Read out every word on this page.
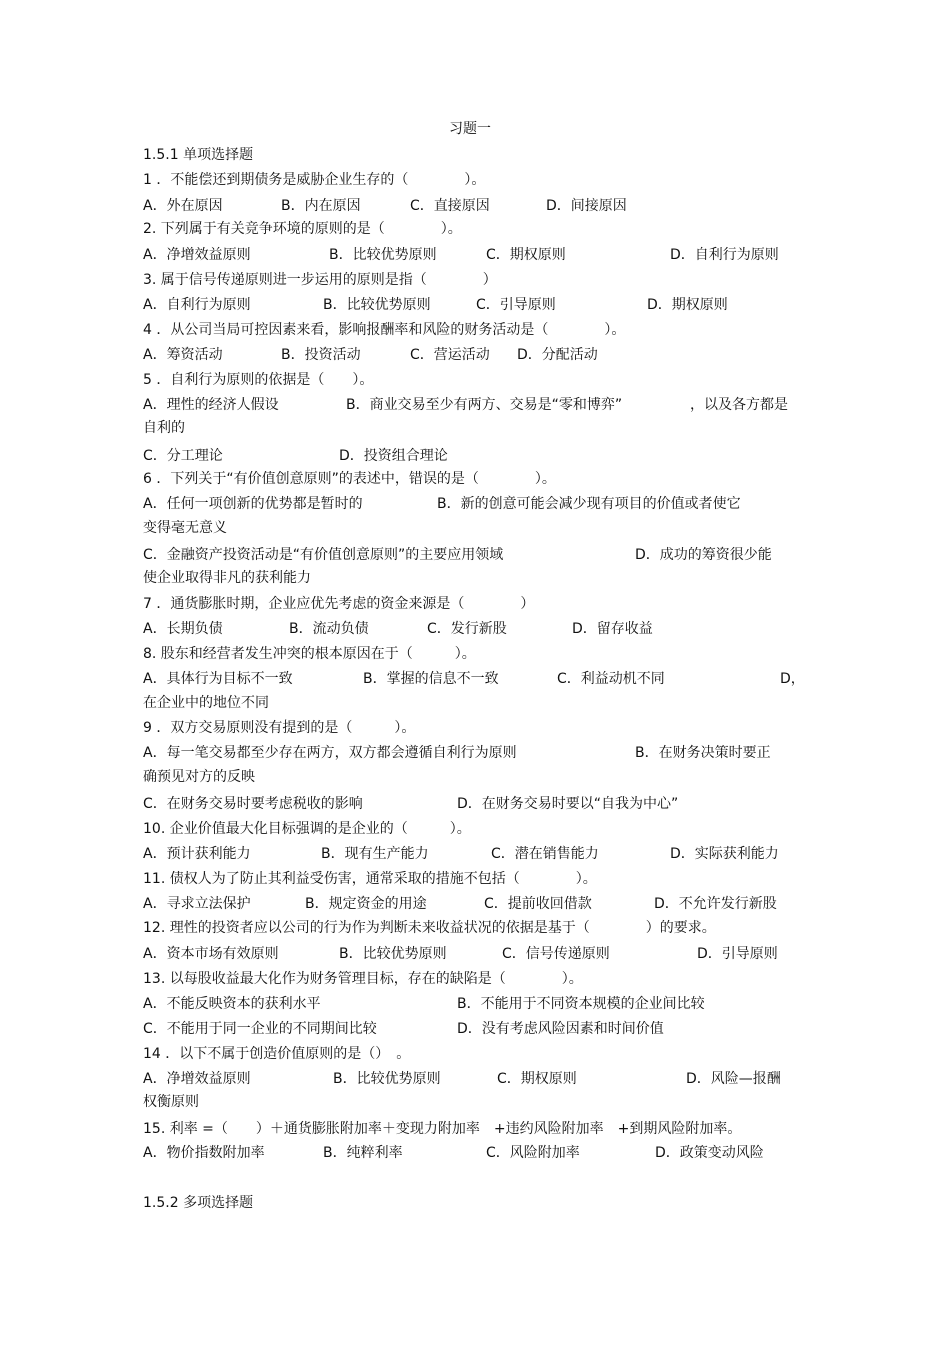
习题一
1.5.1 单项选择题
1 ．不能偿还到期债务是威胁企业生存的（　　　　）。
A．外在原因	B．内在原因	C．直接原因	D．间接原因
2. 下列属于有关竞争环境的原则的是（　　　　）。
A．净增效益原则	B．比较优势原则	C．期权原则	D．自利行为原则
3. 属于信号传递原则进一步运用的原则是指（　　　　）
A．自利行为原则	B．比较优势原则	C．引导原则	D．期权原则
4 ．从公司当局可控因素来看，影响报酬率和风险的财务活动是（　　　　）。
A．筹资活动	B．投资活动	C．营运活动 D．分配活动
5 ．自利行为原则的依据是（　　）。
A．理性的经济人假设	B．商业交易至少有两方、交易是“零和博弈”	，以及各方都是
自利的
C．分工理论	D．投资组合理论
6 ．下列关于“有价值创意原则”的表述中，错误的是（　　　　）。
A．任何一项创新的优势都是暂时的	B．新的创意可能会减少现有项目的价值或者使它
变得毫无意义
C．金融资产投资活动是“有价值创意原则”的主要应用领域	D．成功的筹资很少能
使企业取得非凡的获利能力
7 ．通货膨胀时期，企业应优先考虑的资金来源是（　　　　）
A．长期负债	B．流动负债	C．发行新股	D．留存收益
8. 股东和经营者发生冲突的根本原因在于（　　　）。
A．具体行为目标不一致	B．掌握的信息不一致	C．利益动机不同	D，
在企业中的地位不同
9 ．双方交易原则没有提到的是（　　　）。
A．每一笔交易都至少存在两方，双方都会遵循自利行为原则	B．在财务决策时要正
确预见对方的反映
C．在财务交易时要考虑税收的影响	D．在财务交易时要以“自我为中心”
10. 企业价值最大化目标强调的是企业的（　　　）。
A．预计获利能力	B．现有生产能力	C．潜在销售能力	D．实际获利能力
11. 债权人为了防止其利益受伤害，通常采取的措施不包括（　　　　）。
A．寻求立法保护	B．规定资金的用途	C．提前收回借款	D．不允许发行新股
12. 理性的投资者应以公司的行为作为判断未来收益状况的依据是基于（　　　　）的要求。
A．资本市场有效原则	B．比较优势原则	C．信号传递原则	D．引导原则
13. 以每股收益最大化作为财务管理目标，存在的缺陷是（　　　　）。
A．不能反映资本的获利水平	B．不能用于不同资本规模的企业间比较
C．不能用于同一企业的不同期间比较	D．没有考虑风险因素和时间价值
14 ．以下不属于创造价值原则的是（）　。
A．净增效益原则	B．比较优势原则	C．期权原则	D．风险—报酬
权衡原则
15. 利率 =（　　）＋通货膨胀附加率＋变现力附加率　+违约风险附加率　+到期风险附加率。
A．物价指数附加率	B．纯粹利率	C．风险附加率	D．政策变动风险
1.5.2 多项选择题
